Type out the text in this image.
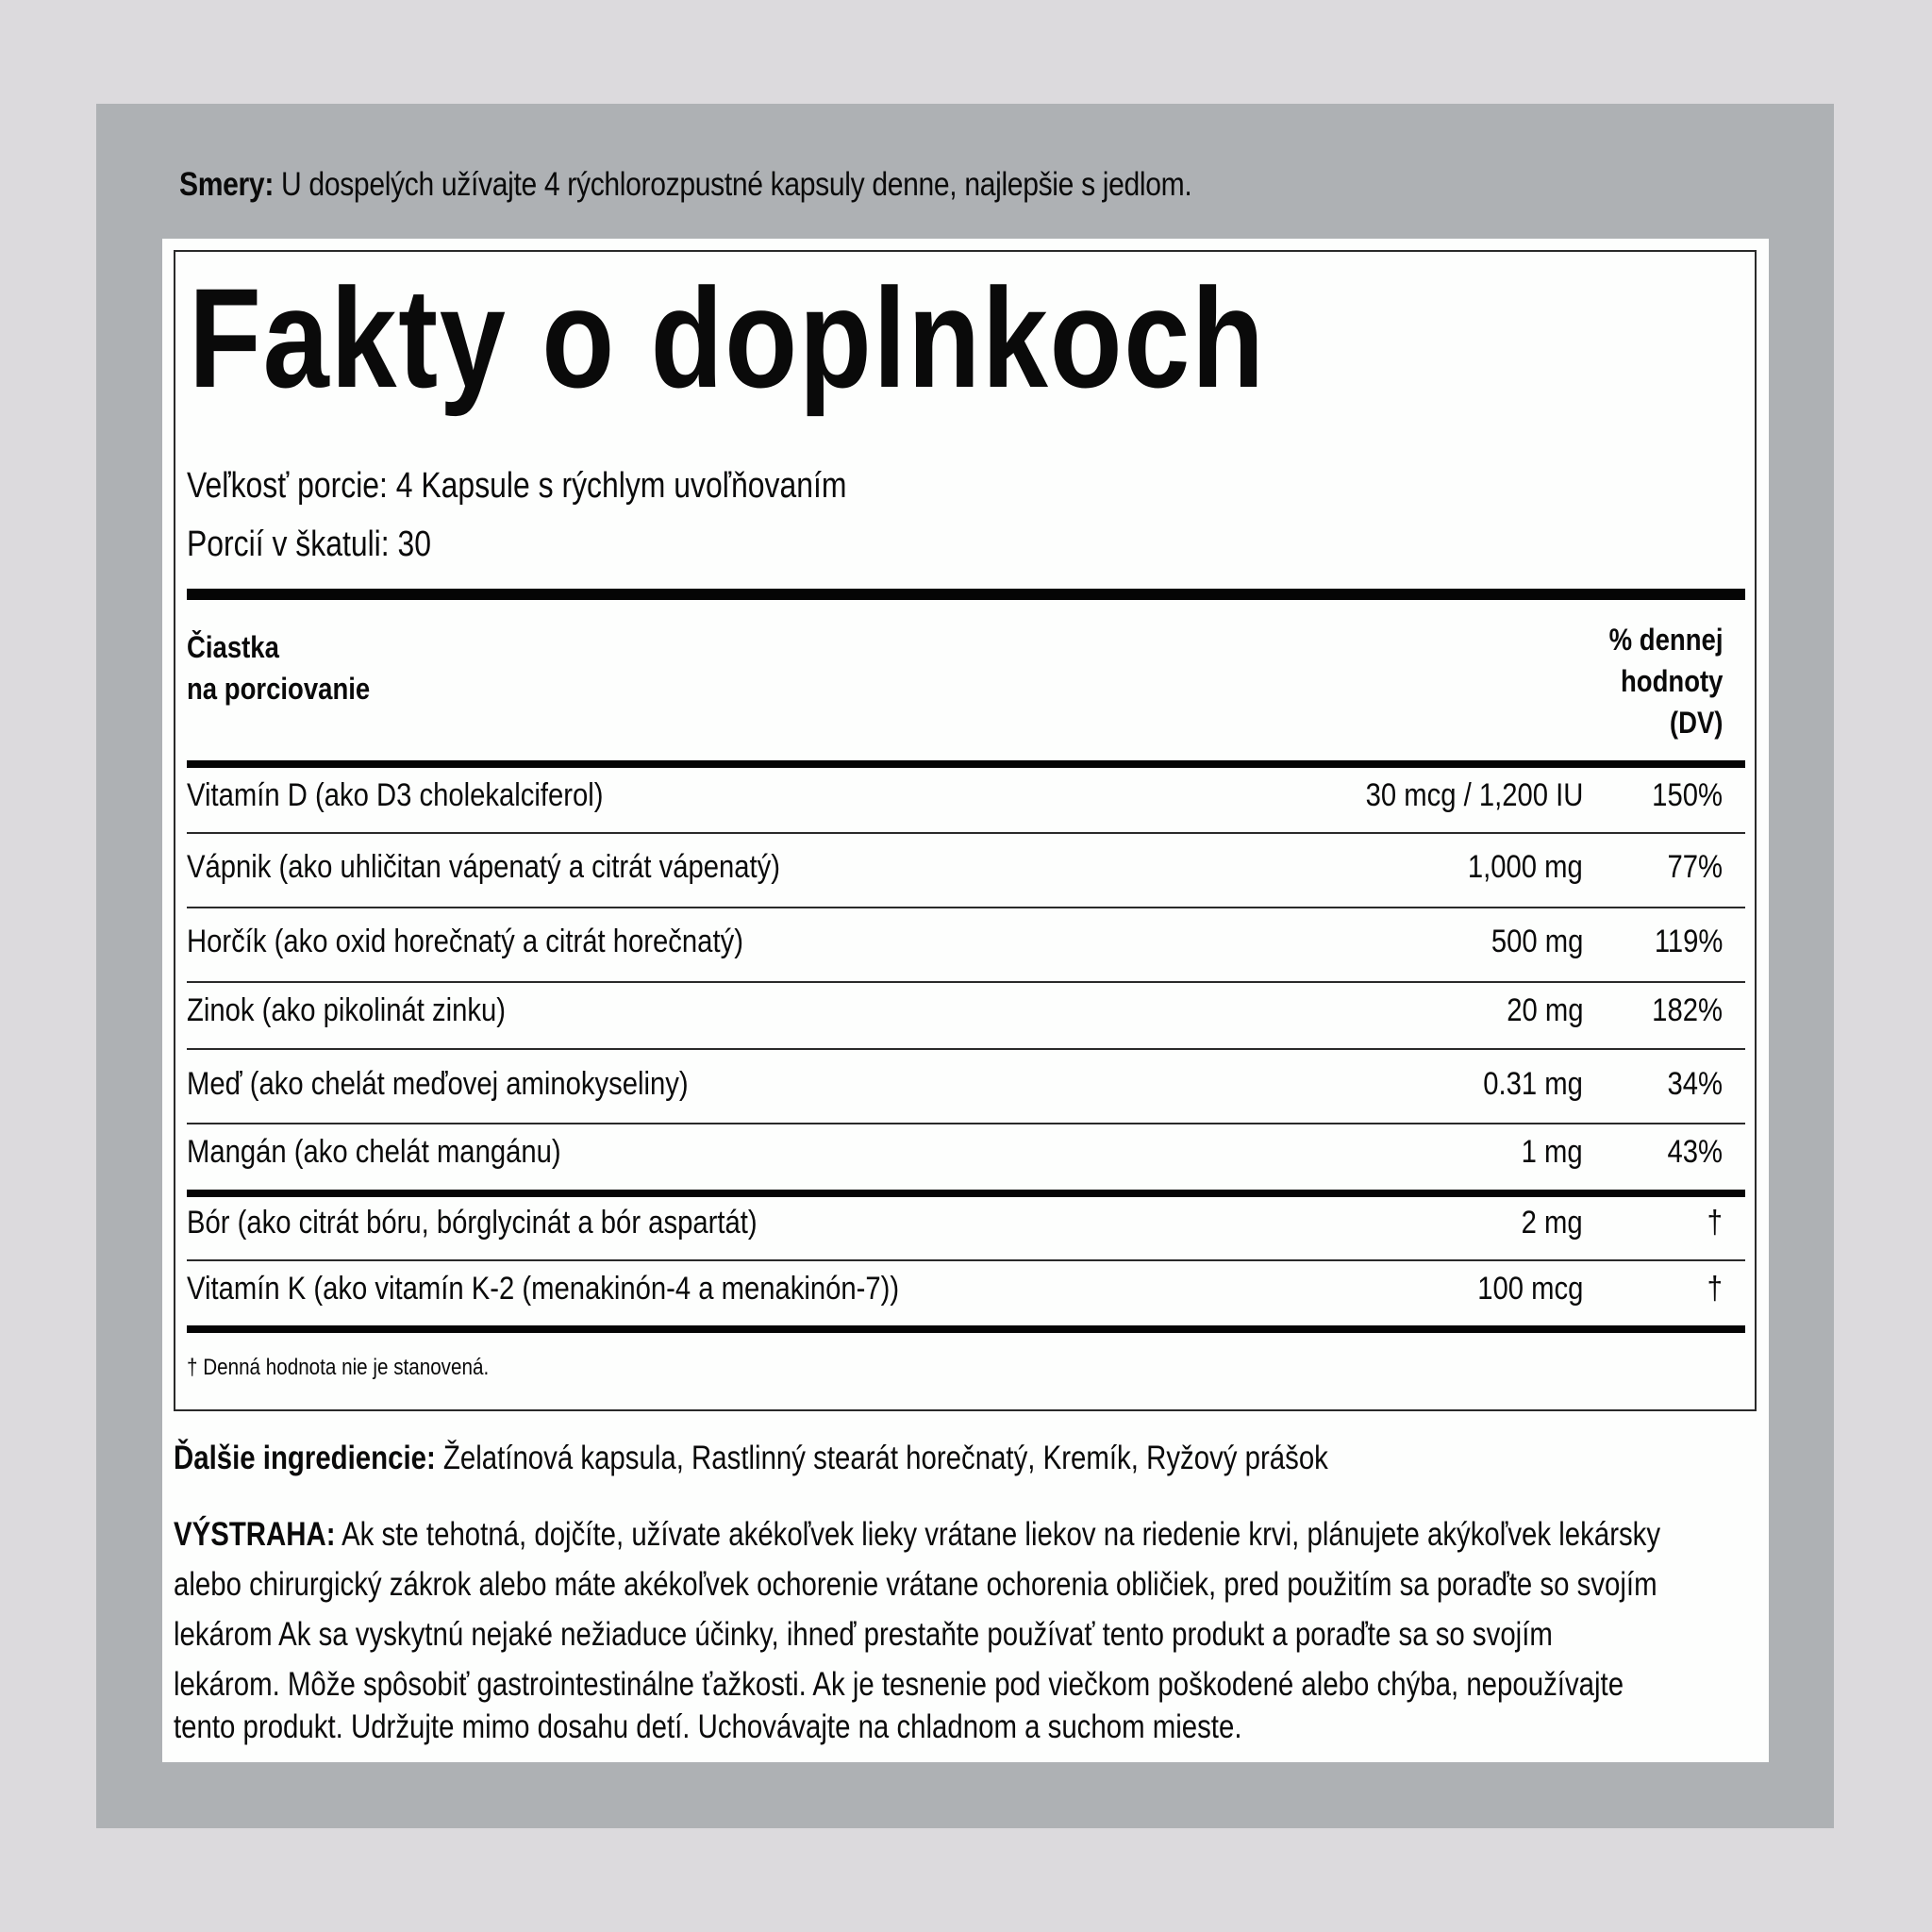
Smery: U dospelých užívajte 4 rýchlorozpustné kapsuly denne, najlepšie s jedlom.
Fakty o doplnkoch
Veľkosť porcie: 4 Kapsule s rýchlym uvoľňovaním
Porcií v škatuli: 30
Čiastka
na porciovanie
% dennej
hodnoty
(DV)
Vitamín D (ako D3 cholekalciferol)	30 mcg / 1,200 IU 150%
Vápnik (ako uhličitan vápenatý a citrát vápenatý)	1,000 mg	77%
Horčík (ako oxid horečnatý a citrát horečnatý)	500 mg 119%
Zinok (ako pikolinát zinku)	20 mg 182%
Meď (ako chelát meďovej aminokyseliny)	0.31 mg	34%
Mangán (ako chelát mangánu)	1 mg	43%
Bór (ako citrát bóru, bórglycinát a bór aspartát)	2 mg	†
Vitamín K (ako vitamín K-2 (menakinón-4 a menakinón-7))	100 mcg	†
† Denná hodnota nie je stanovená.
Ďalšie ingrediencie: Želatínová kapsula, Rastlinný stearát horečnatý, Kremík, Ryžový prášok
VÝSTRAHA: Ak ste tehotná, dojčíte, užívate akékoľvek lieky vrátane liekov na riedenie krvi, plánujete akýkoľvek lekársky
alebo chirurgický zákrok alebo máte akékoľvek ochorenie vrátane ochorenia obličiek, pred použitím sa poraďte so svojím
lekárom Ak sa vyskytnú nejaké nežiaduce účinky, ihneď prestaňte používať tento produkt a poraďte sa so svojím
lekárom. Môže spôsobiť gastrointestinálne ťažkosti. Ak je tesnenie pod viečkom poškodené alebo chýba, nepoužívajte
tento produkt. Udržujte mimo dosahu detí. Uchovávajte na chladnom a suchom mieste.
